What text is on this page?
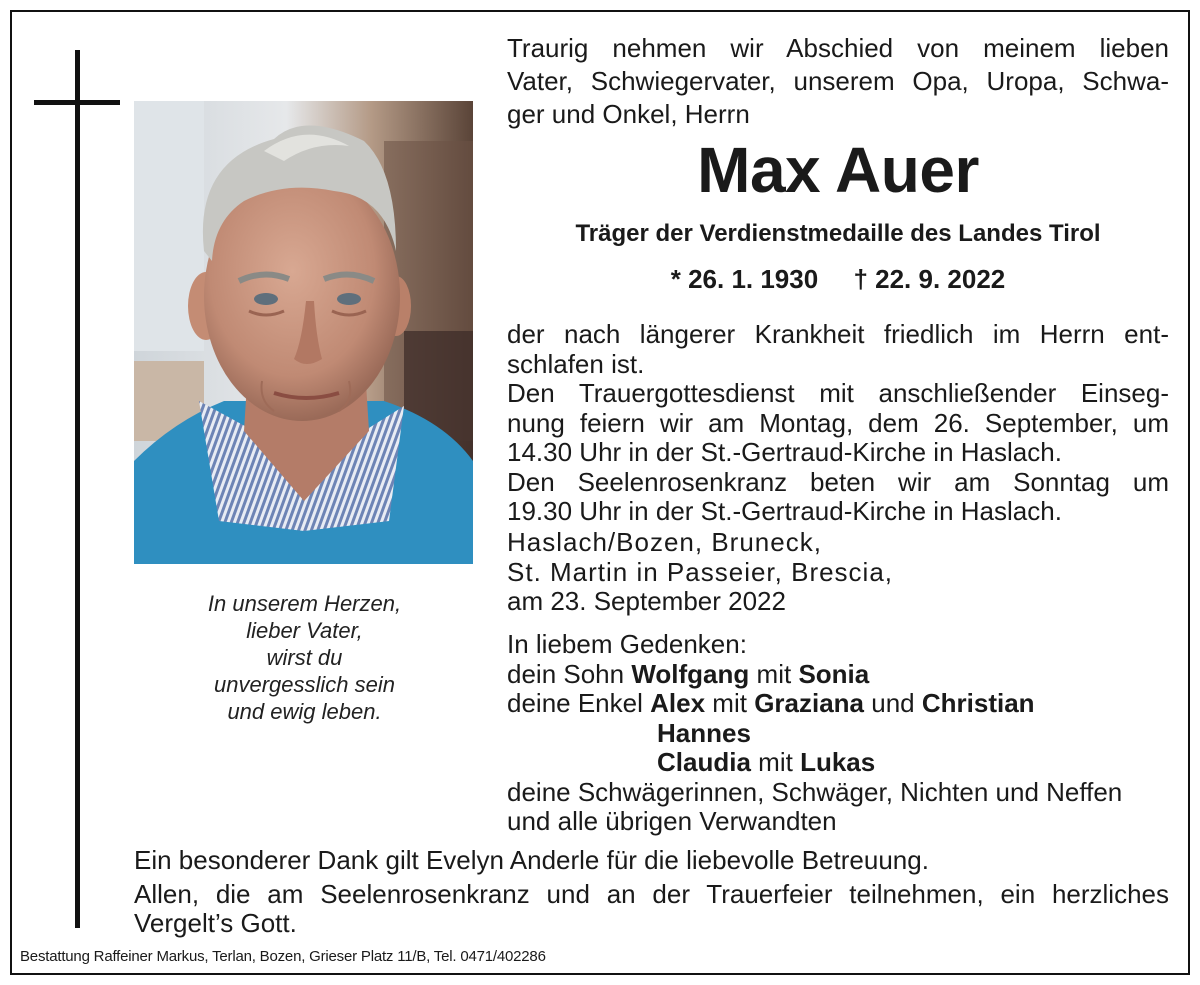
In unserem Herzen,
lieber Vater,
wirst du
unvergesslich sein
und ewig leben.
Traurig nehmen wir Abschied von meinem lieben
Vater, Schwiegervater, unserem Opa, Uropa, Schwa-
ger und Onkel, Herrn
Max Auer
Träger der Verdienstmedaille des Landes Tirol
* 26. 1. 1930 † 22. 9. 2022
der nach längerer Krankheit friedlich im Herrn ent-
schlafen ist.
Den Trauergottesdienst mit anschließender Einseg-
nung feiern wir am Montag, dem 26. September, um
14.30 Uhr in der St.-Gertraud-Kirche in Haslach.
Den Seelenrosenkranz beten wir am Sonntag um
19.30 Uhr in der St.-Gertraud-Kirche in Haslach.
Haslach/Bozen, Bruneck,
St. Martin in Passeier, Brescia,
am 23. September 2022
In liebem Gedenken:
dein Sohn Wolfgang mit Sonia
deine Enkel Alex mit Graziana und Christian
Hannes
Claudia mit Lukas
deine Schwägerinnen, Schwäger, Nichten und Neffen
und alle übrigen Verwandten
Ein besonderer Dank gilt Evelyn Anderle für die liebevolle Betreuung.
Allen, die am Seelenrosenkranz und an der Trauerfeier teilnehmen, ein herzliches
Vergelt’s Gott.
Bestattung Raffeiner Markus, Terlan, Bozen, Grieser Platz 11/B, Tel. 0471/402286
